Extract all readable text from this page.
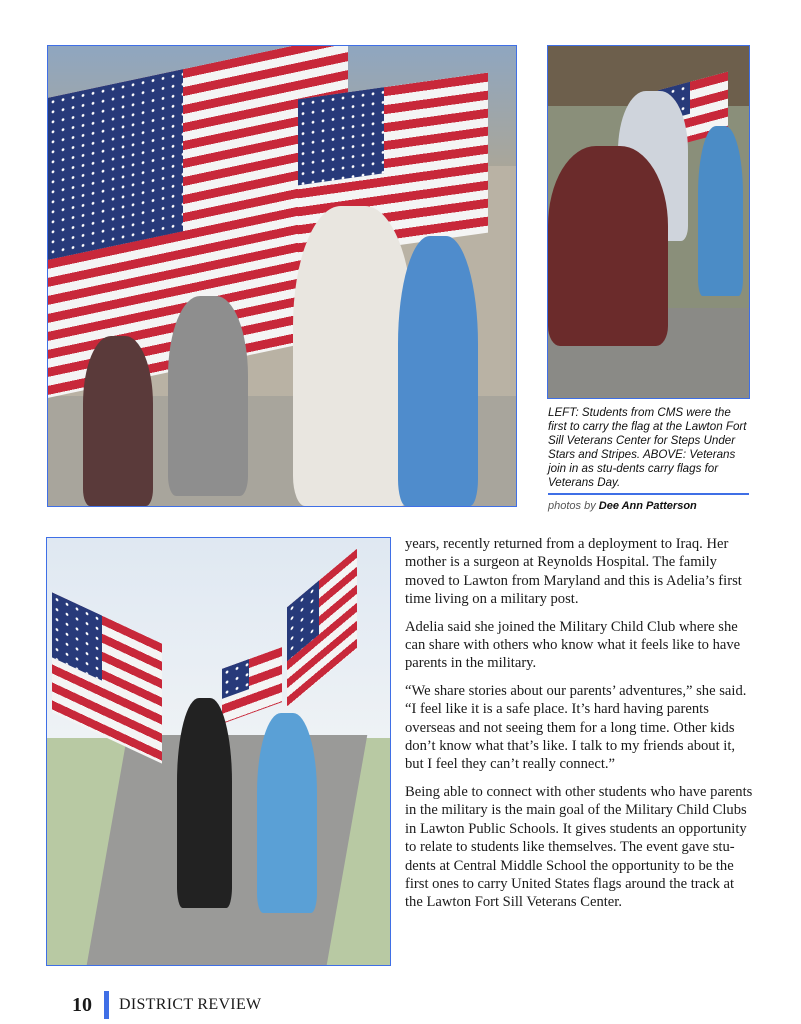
LEFT: Students from CMS were the first to carry the flag at the Lawton Fort Sill Veterans Center for Steps Under Stars and Stripes. ABOVE: Veterans join in as stu-dents carry flags for Veterans Day.
photos by Dee Ann Patterson

years, recently returned from a deployment to Iraq. Her mother is a surgeon at Reynolds Hospital. The family moved to Lawton from Maryland and this is Adelia’s first time living on a military post.

Adelia said she joined the Military Child Club where she can share with others who know what it feels like to have parents in the military.

“We share stories about our parents’ adventures,” she said. “I feel like it is a safe place. It’s hard having parents overseas and not seeing them for a long time. Other kids don’t know what that’s like. I talk to my friends about it, but I feel they can’t really connect.”

Being able to connect with other students who have parents in the military is the main goal of the Military Child Clubs in Lawton Public Schools. It gives students an opportunity to relate to students like themselves. The event gave stu-dents at Central Middle School the opportunity to be the first ones to carry United States flags around the track at the Lawton Fort Sill Veterans Center.

10 DISTRICT REVIEW
